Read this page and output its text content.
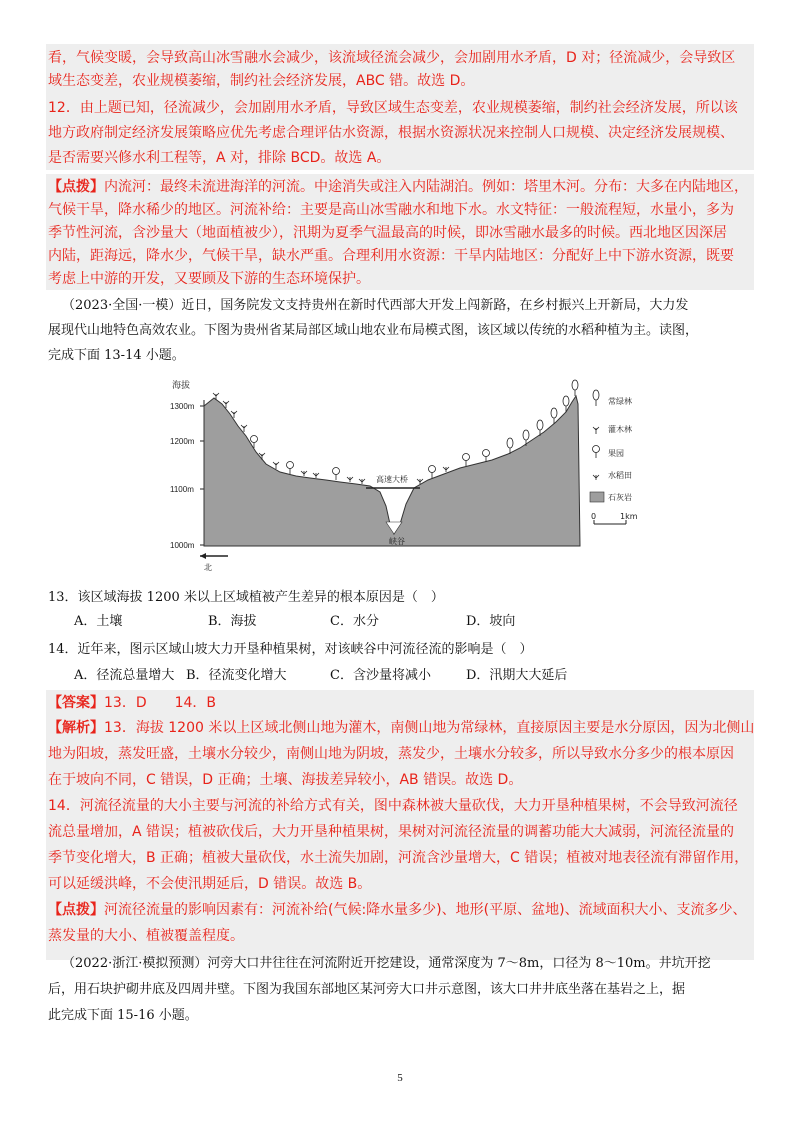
看，气候变暖，会导致高山冰雪融水会减少，该流域径流会减少，会加剧用水矛盾，D 对；径流减少，会导致区
域生态变差，农业规模萎缩，制约社会经济发展，ABC 错。故选 D。
12．由上题已知，径流减少，会加剧用水矛盾，导致区域生态变差，农业规模萎缩，制约社会经济发展，所以该
地方政府制定经济发展策略应优先考虑合理评估水资源，根据水资源状况来控制人口规模、决定经济发展规模、
是否需要兴修水利工程等，A 对，排除 BCD。故选 A。
【点拨】内流河：最终未流进海洋的河流。中途消失或注入内陆湖泊。例如：塔里木河。分布：大多在内陆地区，
气候干旱，降水稀少的地区。河流补给：主要是高山冰雪融水和地下水。水文特征：一般流程短，水量小，多为
季节性河流，含沙量大（地面植被少），汛期为夏季气温最高的时候，即冰雪融水最多的时候。西北地区因深居
内陆，距海远，降水少，气候干旱，缺水严重。合理利用水资源：干旱内陆地区：分配好上中下游水资源，既要
考虑上中游的开发，又要顾及下游的生态环境保护。
（2023·全国·一模）近日，国务院发文支持贵州在新时代西部大开发上闯新路，在乡村振兴上开新局，大力发
展现代山地特色高效农业。下图为贵州省某局部区域山地农业布局模式图，该区域以传统的水稻种植为主。读图，
完成下面 13-14 小题。
海拔
1300m
1200m
1100m
1000m
高速大桥
峡谷
北
常绿林
灌木林
果园
水稻田
石灰岩
0	1km
13．该区域海拔 1200 米以上区域植被产生差异的根本原因是（　）
A．土壤	B．海拔	C．水分	D．坡向
14．近年来，图示区域山坡大力开垦种植果树，对该峡谷中河流径流的影响是（　）
A．径流总量增大 B．径流变化增大	C．含沙量将减小	D．汛期大大延后
【答案】13．D　　14．B
【解析】13．海拔 1200 米以上区域北侧山地为灌木，南侧山地为常绿林，直接原因主要是水分原因，因为北侧山
地为阳坡，蒸发旺盛，土壤水分较少，南侧山地为阴坡，蒸发少，土壤水分较多，所以导致水分多少的根本原因
在于坡向不同，C 错误，D 正确；土壤、海拔差异较小，AB 错误。故选 D。
14．河流径流量的大小主要与河流的补给方式有关，图中森林被大量砍伐，大力开垦种植果树，不会导致河流径
流总量增加，A 错误；植被砍伐后，大力开垦种植果树，果树对河流径流量的调蓄功能大大减弱，河流径流量的
季节变化增大，B 正确；植被大量砍伐，水土流失加剧，河流含沙量增大，C 错误；植被对地表径流有滞留作用，
可以延缓洪峰，不会使汛期延后，D 错误。故选 B。
【点拨】河流径流量的影响因素有：河流补给(气候:降水量多少)、地形(平原、盆地)、流域面积大小、支流多少、
蒸发量的大小、植被覆盖程度。
（2022·浙江·模拟预测）河旁大口井往往在河流附近开挖建设，通常深度为 7～8m，口径为 8～10m。井坑开挖
后，用石块护砌井底及四周井壁。下图为我国东部地区某河旁大口井示意图，该大口井井底坐落在基岩之上，据
此完成下面 15-16 小题。
5
